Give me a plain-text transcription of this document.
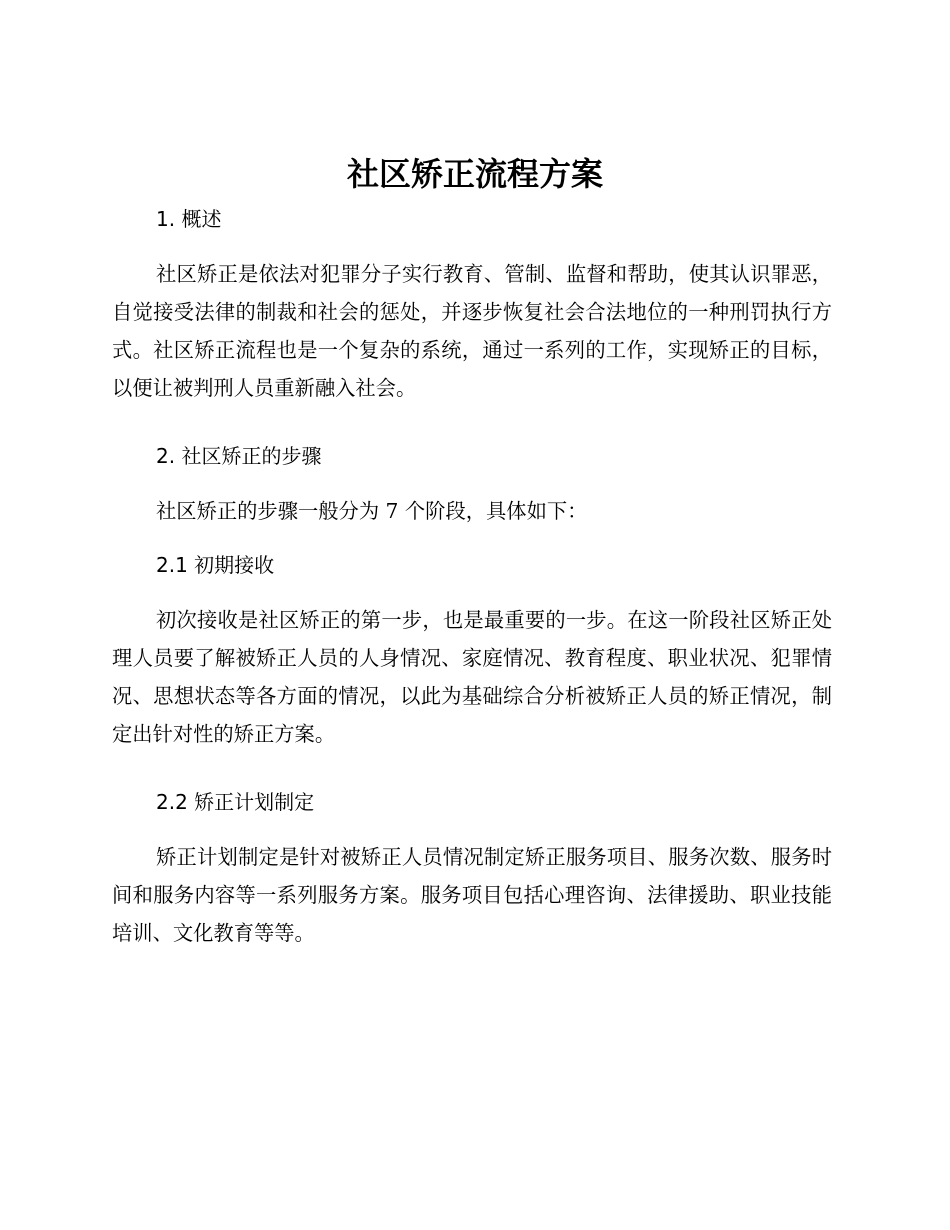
社区矫正流程方案
1. 概述

社区矫正是依法对犯罪分子实行教育、管制、监督和帮助，使其认识罪恶，自觉接受法律的制裁和社会的惩处，并逐步恢复社会合法地位的一种刑罚执行方式。社区矫正流程也是一个复杂的系统，通过一系列的工作，实现矫正的目标，以便让被判刑人员重新融入社会。

2. 社区矫正的步骤

社区矫正的步骤一般分为 7 个阶段，具体如下：

2.1 初期接收

初次接收是社区矫正的第一步，也是最重要的一步。在这一阶段社区矫正处理人员要了解被矫正人员的人身情况、家庭情况、教育程度、职业状况、犯罪情况、思想状态等各方面的情况，以此为基础综合分析被矫正人员的矫正情况，制定出针对性的矫正方案。

2.2 矫正计划制定

矫正计划制定是针对被矫正人员情况制定矫正服务项目、服务次数、服务时间和服务内容等一系列服务方案。服务项目包括心理咨询、法律援助、职业技能培训、文化教育等等。
